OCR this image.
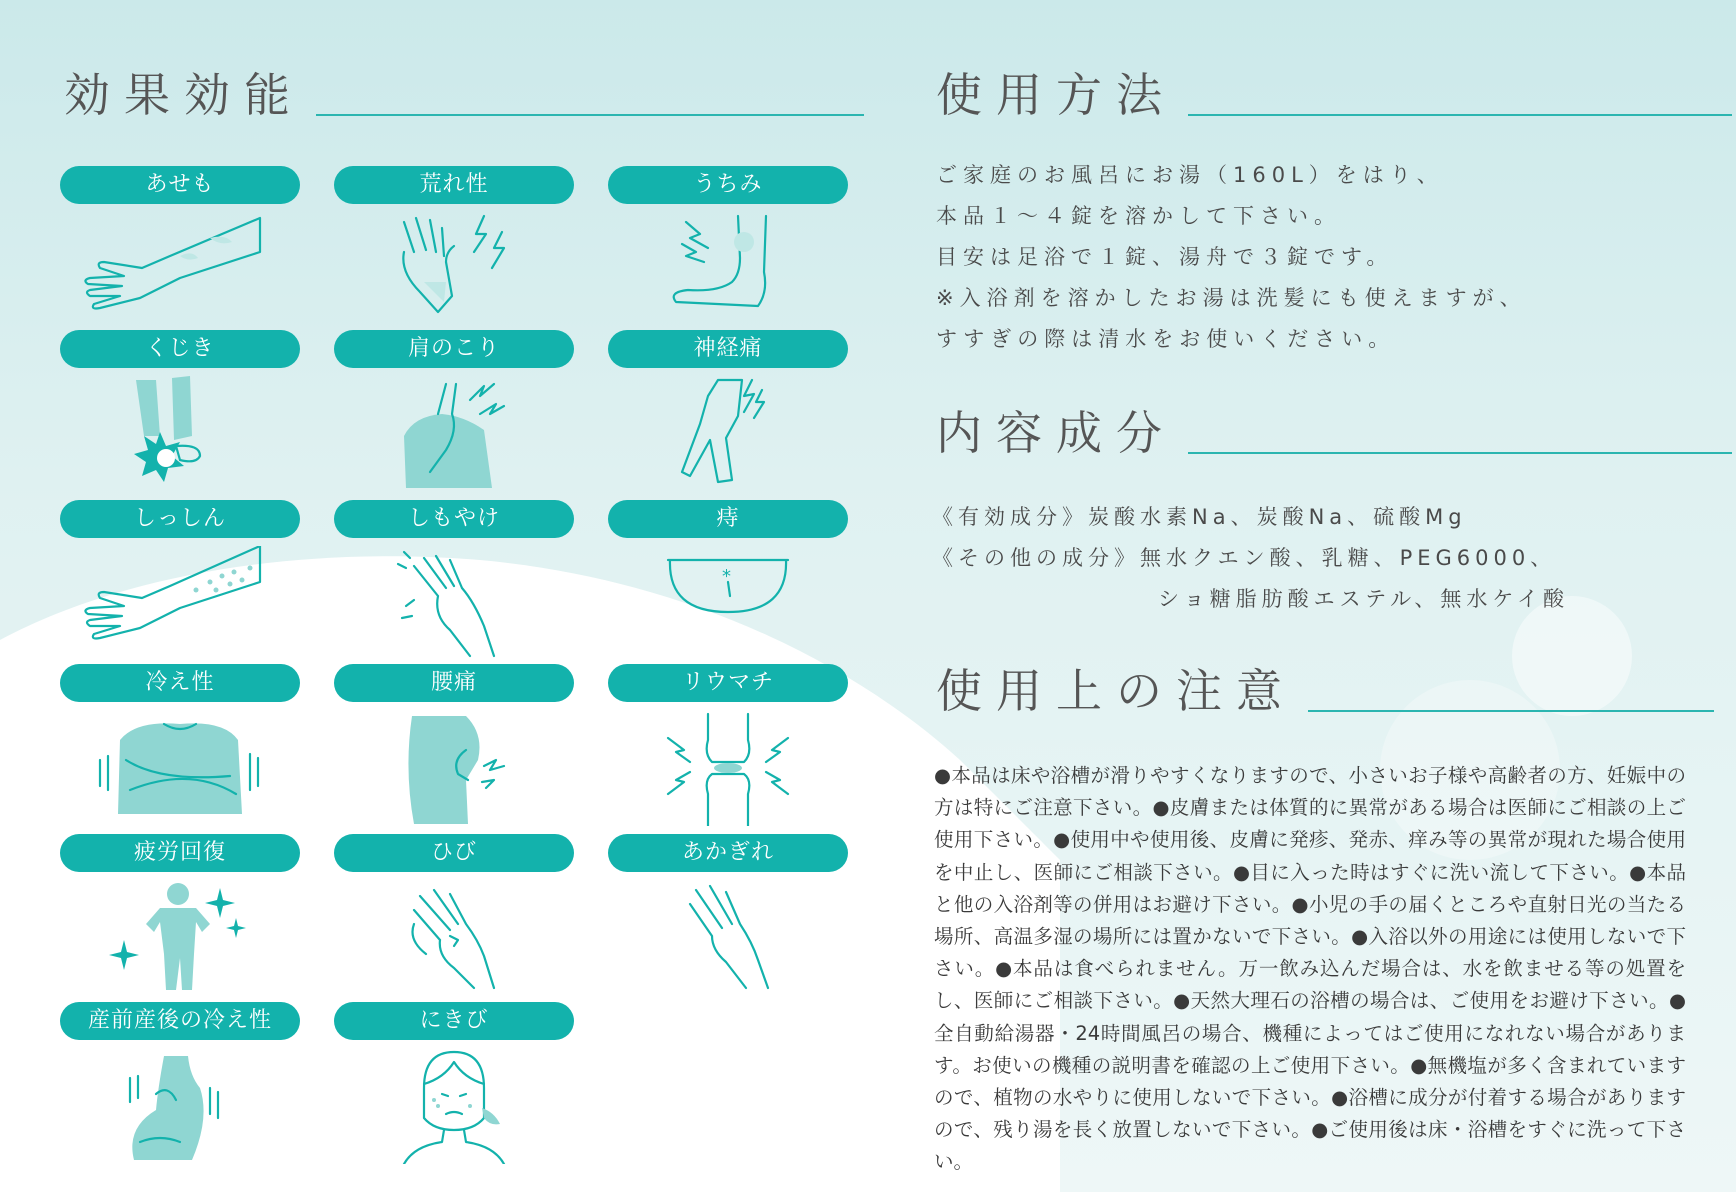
効果効能
あせも	荒れ性	うちみ
くじき	肩のこり	神経痛
しっしん	しもやけ	痔
*
冷え性	腰痛	リウマチ
疲労回復	ひび	あかぎれ
産前産後の冷え性	にきび
使用方法

ご家庭のお風呂にお湯（160L）をはり、

本品１～４錠を溶かして下さい。

目安は足浴で１錠、湯舟で３錠です。

※入浴剤を溶かしたお湯は洗髪にも使えますが、

すすぎの際は清水をお使いください。

内容成分

《有効成分》炭酸水素Na、炭酸Na、硫酸Mg

《その他の成分》無水クエン酸、乳糖、PEG6000、

ショ糖脂肪酸エステル、無水ケイ酸

使用上の注意
●本品は床や浴槽が滑りやすくなりますので、小さいお子様や高齢者の方、妊娠中の方は特にご注意下さい。●皮膚または体質的に異常がある場合は医師にご相談の上ご使用下さい。●使用中や使用後、皮膚に発疹、発赤、痒み等の異常が現れた場合使用を中止し、医師にご相談下さい。●目に入った時はすぐに洗い流して下さい。●本品と他の入浴剤等の併用はお避け下さい。●小児の手の届くところや直射日光の当たる場所、高温多湿の場所には置かないで下さい。●入浴以外の用途には使用しないで下さい。●本品は食べられません。万一飲み込んだ場合は、水を飲ませる等の処置をし、医師にご相談下さい。●天然大理石の浴槽の場合は、ご使用をお避け下さい。●全自動給湯器・24時間風呂の場合、機種によってはご使用になれない場合があります。お使いの機種の説明書を確認の上ご使用下さい。●無機塩が多く含まれていますので、植物の水やりに使用しないで下さい。●浴槽に成分が付着する場合がありますので、残り湯を長く放置しないで下さい。●ご使用後は床・浴槽をすぐに洗って下さい。
